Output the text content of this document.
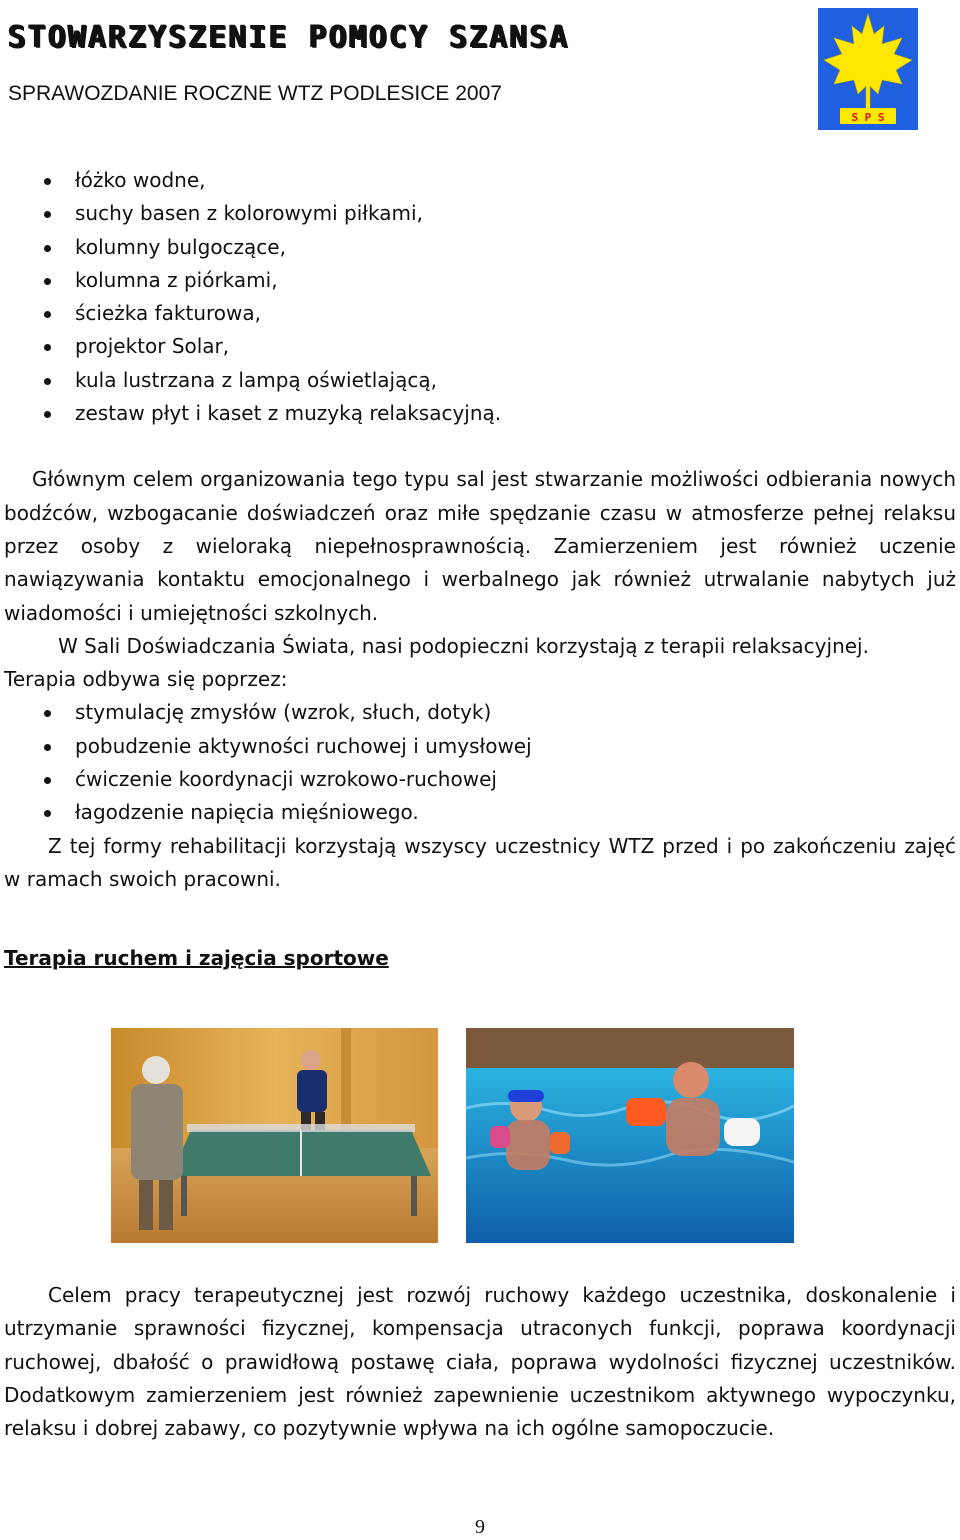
STOWARZYSZENIE POMOCY SZANSA
SPRAWOZDANIE ROCZNE WTZ PODLESICE 2007
S P S
łóżko wodne,
suchy basen z kolorowymi piłkami,
kolumny bulgoczące,
kolumna z piórkami,
ścieżka fakturowa,
projektor Solar,
kula lustrzana z lampą oświetlającą,
zestaw płyt i kaset z muzyką relaksacyjną.

Głównym celem organizowania tego typu sal jest stwarzanie możliwości odbierania nowych bodźców, wzbogacanie doświadczeń oraz miłe spędzanie czasu w atmosferze pełnej relaksu przez osoby z wieloraką niepełnosprawnością. Zamierzeniem jest również uczenie nawiązywania kontaktu emocjonalnego i werbalnego jak również utrwalanie nabytych już wiadomości i umiejętności szkolnych.

W Sali Doświadczania Świata, nasi podopieczni korzystają z terapii relaksacyjnej.

Terapia odbywa się poprzez:

stymulację zmysłów (wzrok, słuch, dotyk)
pobudzenie aktywności ruchowej i umysłowej
ćwiczenie koordynacji wzrokowo-ruchowej
łagodzenie napięcia mięśniowego.

Z tej formy rehabilitacji korzystają wszyscy uczestnicy WTZ przed i po zakończeniu zajęć w ramach swoich pracowni.

Terapia ruchem i zajęcia sportowe

Celem pracy terapeutycznej jest rozwój ruchowy każdego uczestnika, doskonalenie i utrzymanie sprawności fizycznej, kompensacja utraconych funkcji, poprawa koordynacji ruchowej, dbałość o prawidłową postawę ciała, poprawa wydolności fizycznej uczestników. Dodatkowym zamierzeniem jest również zapewnienie uczestnikom aktywnego wypoczynku, relaksu i dobrej zabawy, co pozytywnie wpływa na ich ogólne samopoczucie.

9
